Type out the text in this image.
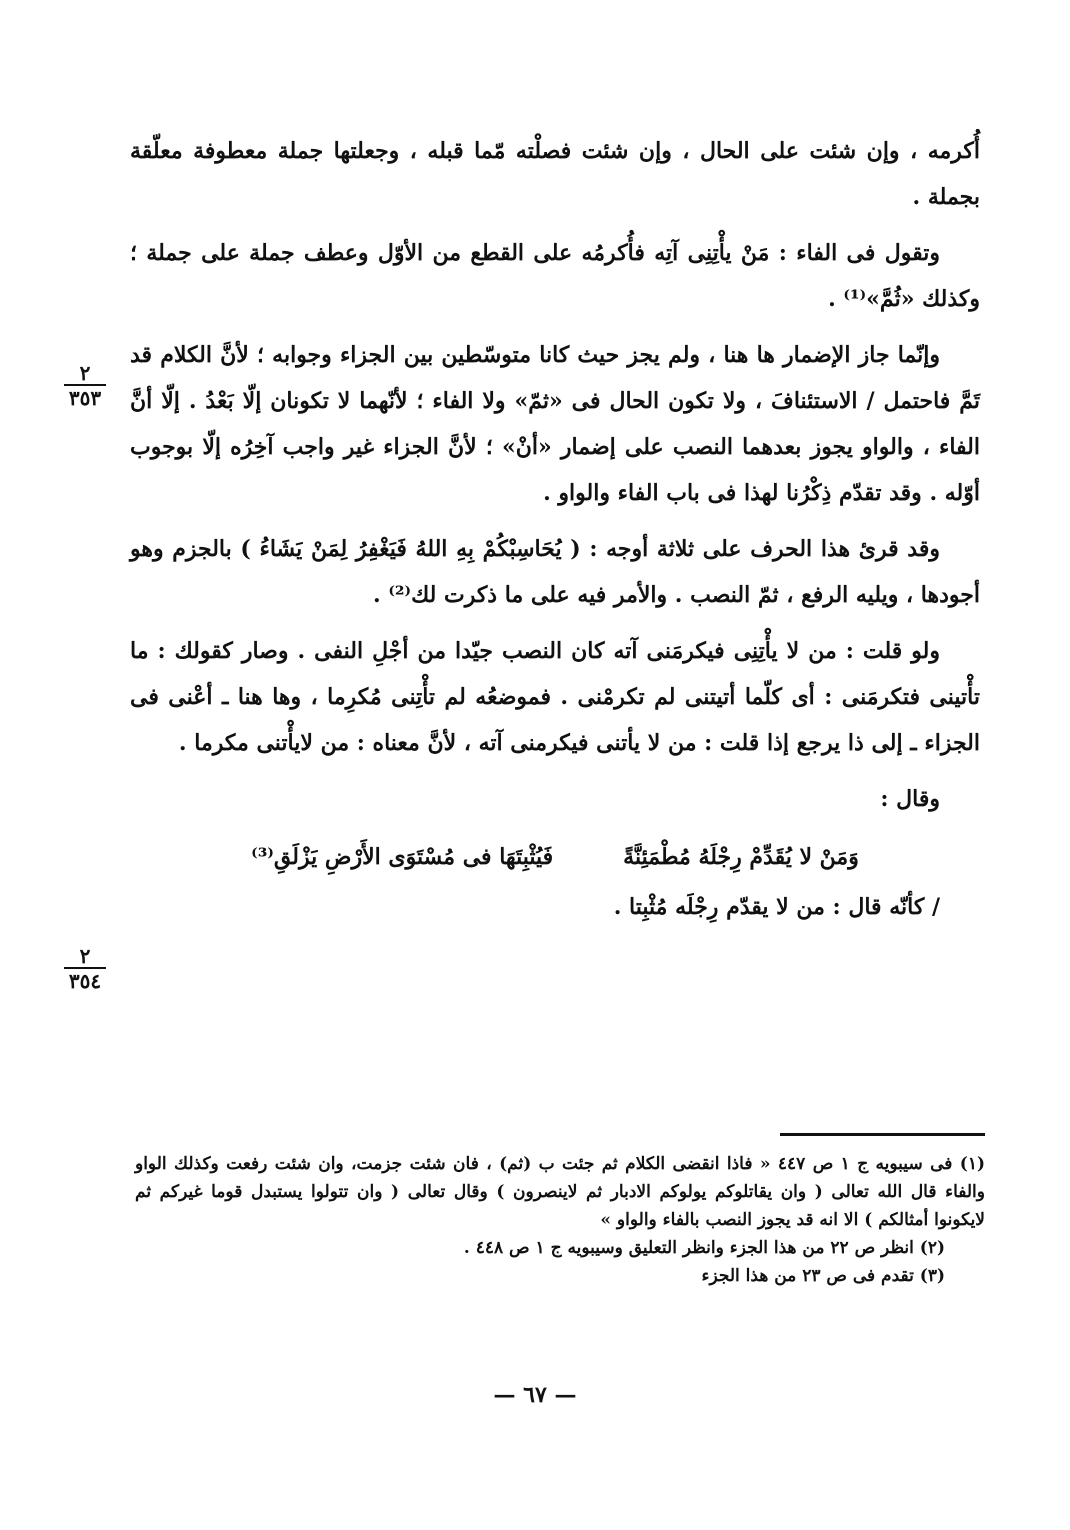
أُكرمه ، وإن شئت على الحال ، وإن شئت فصلْته مّما قبله ، وجعلتها جملة معطوفة معلّقة بجملة .

وتقول فى الفاء : مَنْ يأْتِنِى آتِه فأُكرمُه على القطع من الأوّل وعطف جملة على جملة ؛ وكذلك «ثُمَّ»⁽¹⁾ .

وإنّما جاز الإضمار ها هنا ، ولم يجز حيث كانا متوسّطين بين الجزاء وجوابه ؛ لأنَّ الكلام قد تَمَّ فاحتمل / الاستئنافَ ، ولا تكون الحال فى «ثمّ» ولا الفاء ؛ لأنّهما لا تكونان إلّا بَعْدُ . إلّا أنَّ الفاء ، والواو يجوز بعدهما النصب على إضمار «أنْ» ؛ لأنَّ الجزاء غير واجب آخِرُه إلّا بوجوب أوّله . وقد تقدّم ذِكْرُنا لهذا فى باب الفاء والواو .

وقد قرئ هذا الحرف على ثلاثة أوجه : ( يُحَاسِبْكُمْ بِهِ اللهُ فَيَغْفِرُ لِمَنْ يَشَاءُ ) بالجزم وهو أجودها ، ويليه الرفع ، ثمّ النصب . والأمر فيه على ما ذكرت لك⁽²⁾ .

ولو قلت : من لا يأْتِنِى فيكرمَنى آته كان النصب جيّدا من أجْلِ النفى . وصار كقولك : ما تأْتينى فتكرمَنى : أى كلّما أتيتنى لم تكرمْنى . فموضعُه لم تأْتِنى مُكرِما ، وها هنا ـ أعْنى فى الجزاء ـ إلى ذا يرجع إذا قلت : من لا يأتنى فيكرمنى آته ، لأنَّ معناه : من لايأْتنى مكرما .

وقال :
وَمَنْ لا يُقَدِّمْ رِجْلَهُ مُطْمَئِنَّةً
فَيُثْبِتَهَا فى مُسْتَوَى الأَرْضِ يَزْلَقِ⁽³⁾
/ كأنّه قال : من لا يقدّم رِجْلَه مُثْبِتا .
٢
٣٥٣
٢
٣٥٤

(١) فى سيبويه ج ١ ص ٤٤٧ « فاذا انقضى الكلام ثم جئت ب (ثم) ، فان شئت جزمت، وان شئت رفعت وكذلك الواو والفاء قال الله تعالى ( وان يقاتلوكم يولوكم الادبار ثم لاينصرون ) وقال تعالى ( وان تتولوا يستبدل قوما غيركم ثم لايكونوا أمثالكم ) الا انه قد يجوز النصب بالفاء والواو »

(٢) انظر ص ٢٢ من هذا الجزء وانظر التعليق وسيبويه ج ١ ص ٤٤٨ .

(٣) تقدم فى ص ٢٣ من هذا الجزء

— ٦٧ —
